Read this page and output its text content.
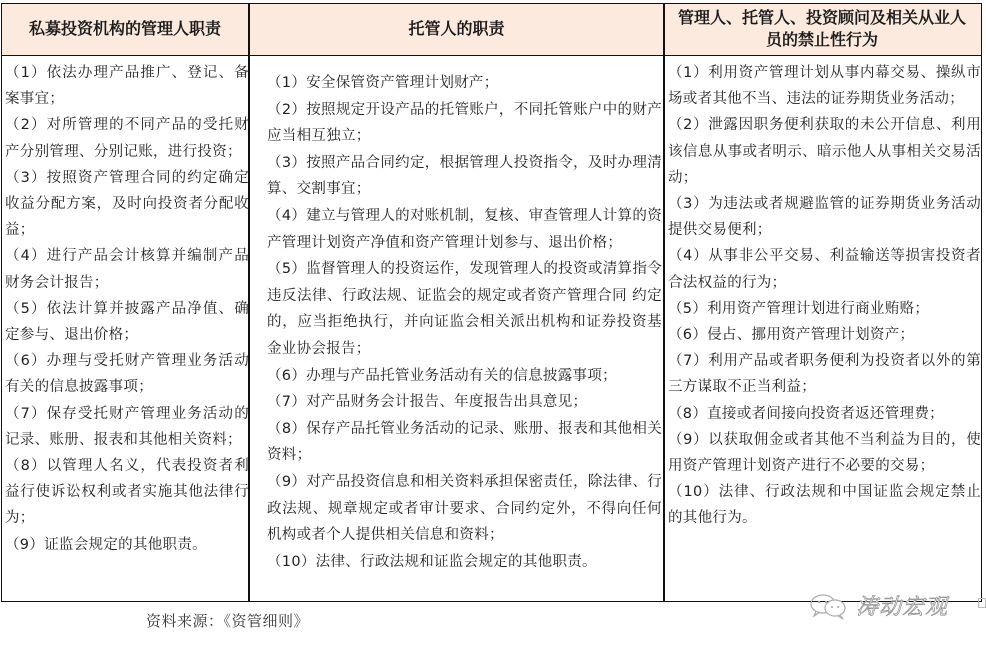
私募投资机构的管理人职责	托管人的职责
管理人、托管人、投资顾问及相关从业人员的禁止性行为

（1）依法办理产品推广、登记、备案事宜；

（2）对所管理的不同产品的受托财产分别管理、分别记账，进行投资；

（3）按照资产管理合同的约定确定收益分配方案，及时向投资者分配收益；

（4）进行产品会计核算并编制产品财务会计报告；

（5）依法计算并披露产品净值、确定参与、退出价格；

（6）办理与受托财产管理业务活动有关的信息披露事项；

（7）保存受托财产管理业务活动的记录、账册、报表和其他相关资料；

（8）以管理人名义，代表投资者利益行使诉讼权利或者实施其他法律行为；

（9）证监会规定的其他职责。

（1）安全保管资产管理计划财产；

（2）按照规定开设产品的托管账户，不同托管账户中的财产应当相互独立；

（3）按照产品合同约定，根据管理人投资指令，及时办理清算、交割事宜；

（4）建立与管理人的对账机制，复核、审查管理人计算的资产管理计划资产净值和资产管理计划参与、退出价格；

（5）监督管理人的投资运作，发现管理人的投资或清算指令违反法律、行政法规、证监会的规定或者资产管理合同 约定的，应当拒绝执行，并向证监会相关派出机构和证券投资基金业协会报告；

（6）办理与产品托管业务活动有关的信息披露事项；

（7）对产品财务会计报告、年度报告出具意见；

（8）保存产品托管业务活动的记录、账册、报表和其他相关资料；

（9）对产品投资信息和相关资料承担保密责任，除法律、行政法规、规章规定或者审计要求、合同约定外，不得向任何机构或者个人提供相关信息和资料；

（10）法律、行政法规和证监会规定的其他职责。

（1）利用资产管理计划从事内幕交易、操纵市场或者其他不当、违法的证券期货业务活动；

（2）泄露因职务便利获取的未公开信息、利用该信息从事或者明示、暗示他人从事相关交易活动；

（3）为违法或者规避监管的证券期货业务活动提供交易便利；

（4）从事非公平交易、利益输送等损害投资者合法权益的行为；

（5）利用资产管理计划进行商业贿赂；

（6）侵占、挪用资产管理计划资产；

（7）利用产品或者职务便利为投资者以外的第三方谋取不正当利益；

（8）直接或者间接向投资者返还管理费；

（9）以获取佣金或者其他不当利益为目的，使用资产管理计划资产进行不必要的交易；

（10）法律、行政法规和中国证监会规定禁止的其他行为。

资料来源：《资管细则》
涛动宏观
